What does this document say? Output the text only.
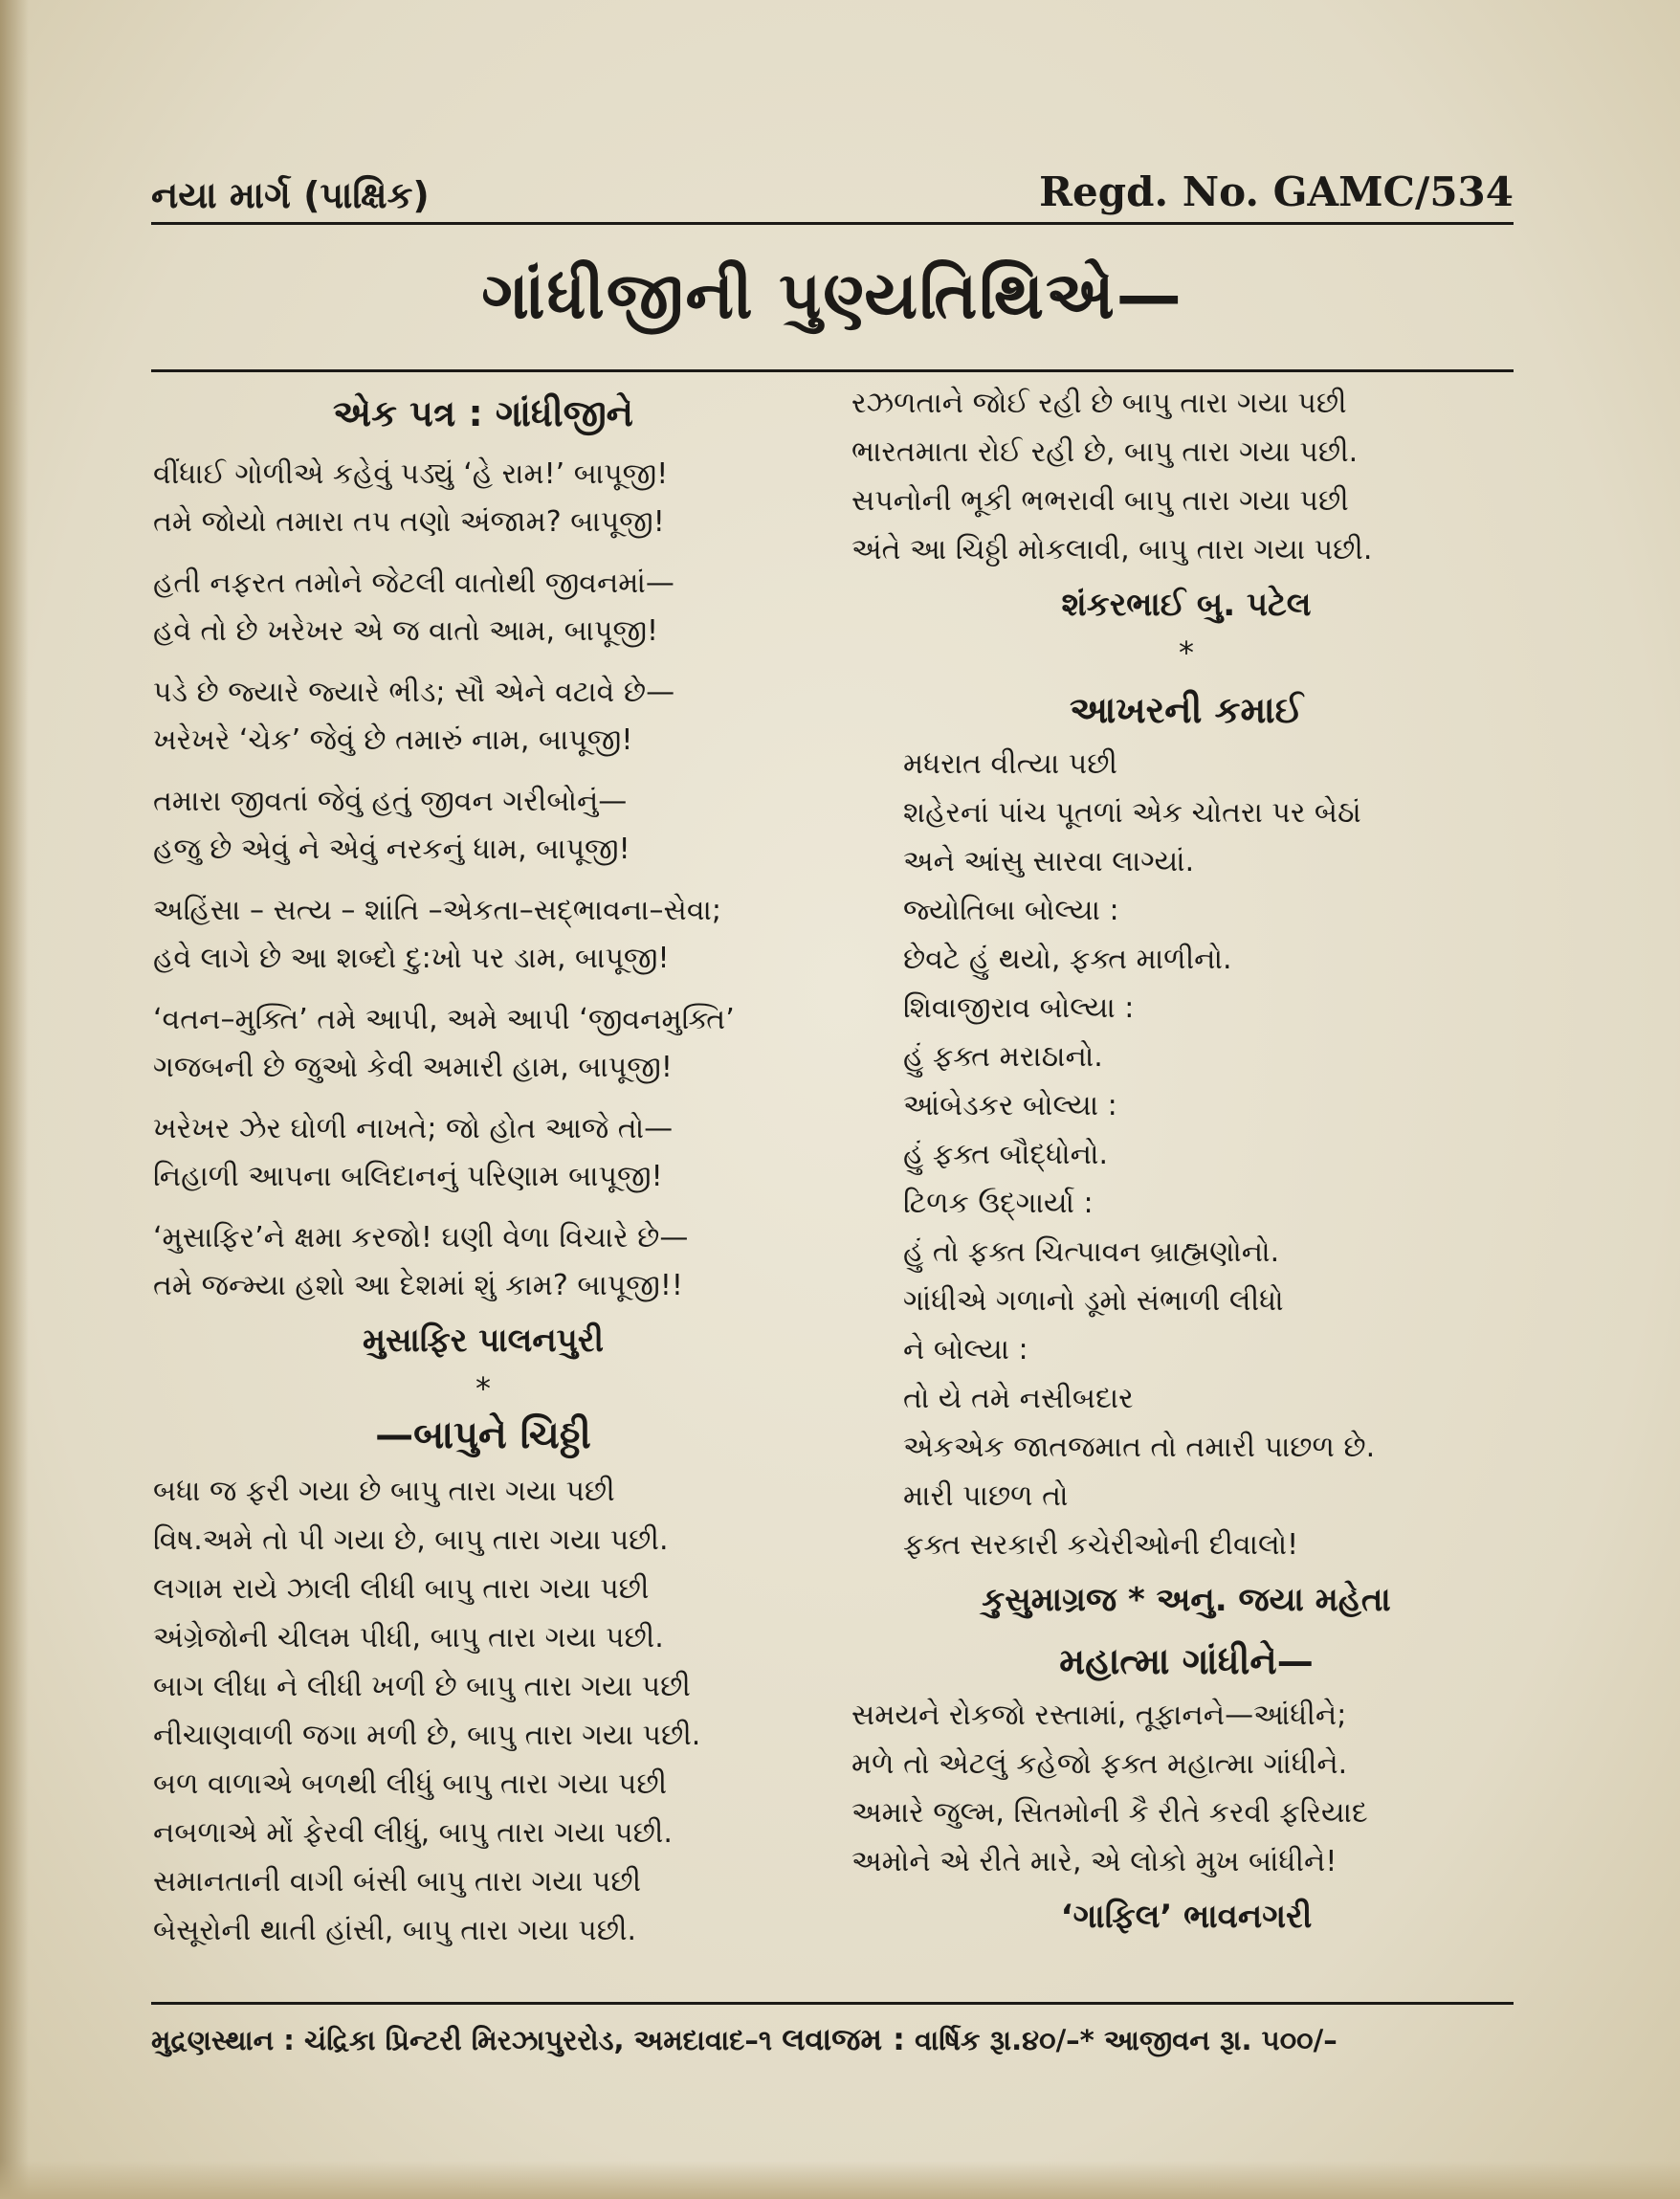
નયા માર્ગ (પાક્ષિક)	Regd. No. GAMC/534
ગાંધીજીની પુણ્યતિથિએ—
એક પત્ર : ગાંધીજીને
વીંધાઈ ગોળીએ કહેવું પડ્યું ‘હે રામ!’ બાપૂજી!
તમે જોયો તમારા તપ તણો અંજામ? બાપૂજી!
હતી નફરત તમોને જેટલી વાતોથી જીવનમાં—
હવે તો છે ખરેખર એ જ વાતો આમ, બાપૂજી!
પડે છે જ્યારે જ્યારે ભીડ; સૌ એને વટાવે છે—
ખરેખરે ‘ચેક’ જેવું છે તમારું નામ, બાપૂજી!
તમારા જીવતાં જેવું હતું જીવન ગરીબોનું—
હજુ છે એવું ને એવું નરકનું ધામ, બાપૂજી!
અહિંસા – સત્ય – શાંતિ –એકતા–સદ્‌ભાવના–સેવા;
હવે લાગે છે આ શબ્દો દુ:ખો પર ડામ, બાપૂજી!
‘વતન–મુક્તિ’ તમે આપી, અમે આપી ‘જીવનમુક્તિ’
ગજબની છે જુઓ કેવી અમારી હામ, બાપૂજી!
ખરેખર ઝેર ઘોળી નાખતે; જો હોત આજે તો—
નિહાળી આપના બલિદાનનું પરિણામ બાપૂજી!
‘મુસાફિર’ને ક્ષમા કરજો! ઘણી વેળા વિચારે છે—
તમે જન્મ્યા હશો આ દેશમાં શું કામ? બાપૂજી!!
મુસાફિર પાલનપુરી
*
—બાપુને ચિઠ્ઠી
બધા જ ફરી ગયા છે બાપુ તારા ગયા પછી
વિષ.અમે તો પી ગયા છે, બાપુ તારા ગયા પછી.
લગામ રાયે ઝાલી લીધી બાપુ તારા ગયા પછી
અંગ્રેજોની ચીલમ પીધી, બાપુ તારા ગયા પછી.
બાગ લીધા ને લીધી ખળી છે બાપુ તારા ગયા પછી
નીચાણવાળી જગા મળી છે, બાપુ તારા ગયા પછી.
બળ વાળાએ બળથી લીધું બાપુ તારા ગયા પછી
નબળાએ મોં ફેરવી લીધું, બાપુ તારા ગયા પછી.
સમાનતાની વાગી બંસી બાપુ તારા ગયા પછી
બેસૂરોની થાતી હાંસી, બાપુ તારા ગયા પછી.
રઝળતાને જોઈ રહી છે બાપુ તારા ગયા પછી
ભારતમાતા રોઈ રહી છે, બાપુ તારા ગયા પછી.
સપનોની ભૂકી ભભરાવી બાપુ તારા ગયા પછી
અંતે આ ચિઠ્ઠી મોકલાવી, બાપુ તારા ગયા પછી.
શંકરભાઈ બુ. પટેલ
*
આખરની કમાઈ
મધરાત વીત્યા પછી
શહેરનાં પાંચ પૂતળાં એક ચોતરા પર બેઠાં
અને આંસુ સારવા લાગ્યાં.
જ્યોતિબા બોલ્યા :
છેવટે હું થયો, ફક્ત માળીનો.
શિવાજીરાવ બોલ્યા :
હું ફક્ત મરાઠાનો.
આંબેડકર બોલ્યા :
હું ફક્ત બૌદ્ધોનો.
ટિળક ઉદ્‌ગાર્યા :
હું તો ફક્ત ચિત્પાવન બ્રાહ્મણોનો.
ગાંધીએ ગળાનો ડૂમો સંભાળી લીધો
ને બોલ્યા :
તો યે તમે નસીબદાર
એકએક જાતજમાત તો તમારી પાછળ છે.
મારી પાછળ તો
ફક્ત સરકારી કચેરીઓની દીવાલો!
કુસુમાગ્રજ * અનુ. જયા મહેતા
મહાત્મા ગાંધીને—
સમયને રોકજો રસ્તામાં, તૂફાનને—આંધીને;
મળે તો એટલું કહેજો ફક્ત મહાત્મા ગાંધીને.
અમારે જુલ્મ, સિતમોની કૈ રીતે કરવી ફરિયાદ
અમોને એ રીતે મારે, એ લોકો મુખ બાંધીને!
‘ગાફિલ’ ભાવનગરી
મુદ્રણસ્થાન : ચંદ્રિકા પ્રિન્ટરી મિરઝાપુરરોડ, અમદાવાદ–૧ લવાજમ : વાર્ષિક રૂા.૪૦/–* આજીવન રૂા. ૫૦૦/–
